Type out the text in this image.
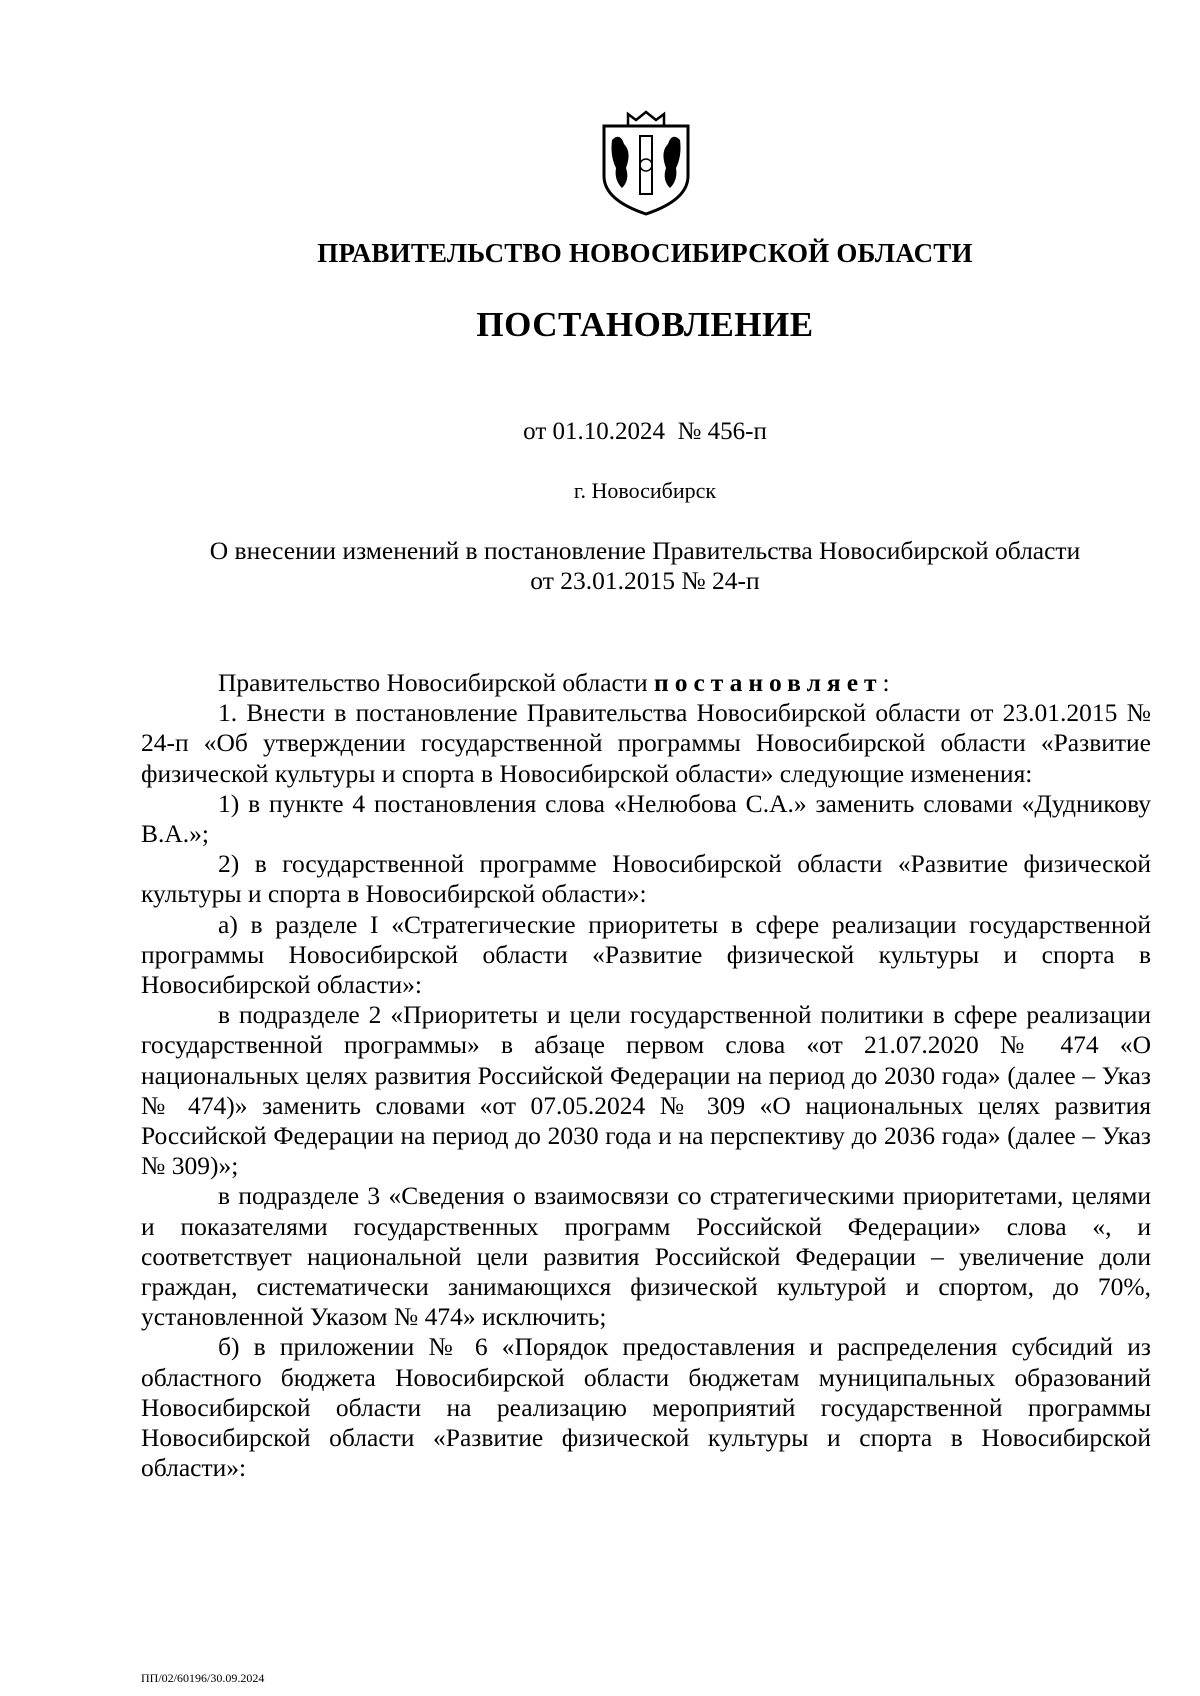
ПРАВИТЕЛЬСТВО НОВОСИБИРСКОЙ ОБЛАСТИ
ПОСТАНОВЛЕНИЕ
от 01.10.2024  № 456-п
г. Новосибирск
О внесении изменений в постановление Правительства Новосибирской области
от 23.01.2015 № 24-п

Правительство Новосибирской области постановляет:

1. Внести в постановление Правительства Новосибирской области от 23.01.2015 № 24-п «Об утверждении государственной программы Новосибирской области «Развитие физической культуры и спорта в Новосибирской области» следующие изменения:

1) в пункте 4 постановления слова «Нелюбова С.А.» заменить словами «Дудникову В.А.»;

2) в государственной программе Новосибирской области «Развитие физической культуры и спорта в Новосибирской области»:

а) в разделе I «Стратегические приоритеты в сфере реализации государственной программы Новосибирской области «Развитие физической культуры и спорта в Новосибирской области»:

в подразделе 2 «Приоритеты и цели государственной политики в сфере реализации государственной программы» в абзаце первом слова «от 21.07.2020 № 474 «О национальных целях развития Российской Федерации на период до 2030 года» (далее – Указ № 474)» заменить словами «от 07.05.2024 № 309 «О национальных целях развития Российской Федерации на период до 2030 года и на перспективу до 2036 года» (далее – Указ № 309)»;

в подразделе 3 «Сведения о взаимосвязи со стратегическими приоритетами, целями и показателями государственных программ Российской Федерации» слова «, и соответствует национальной цели развития Российской Федерации – увеличение доли граждан, систематически занимающихся физической культурой и спортом, до 70%, установленной Указом № 474» исключить;

б) в приложении № 6 «Порядок предоставления и распределения субсидий из областного бюджета Новосибирской области бюджетам муниципальных образований Новосибирской области на реализацию мероприятий государственной программы Новосибирской области «Развитие физической культуры и спорта в Новосибирской области»:

ПП/02/60196/30.09.2024
